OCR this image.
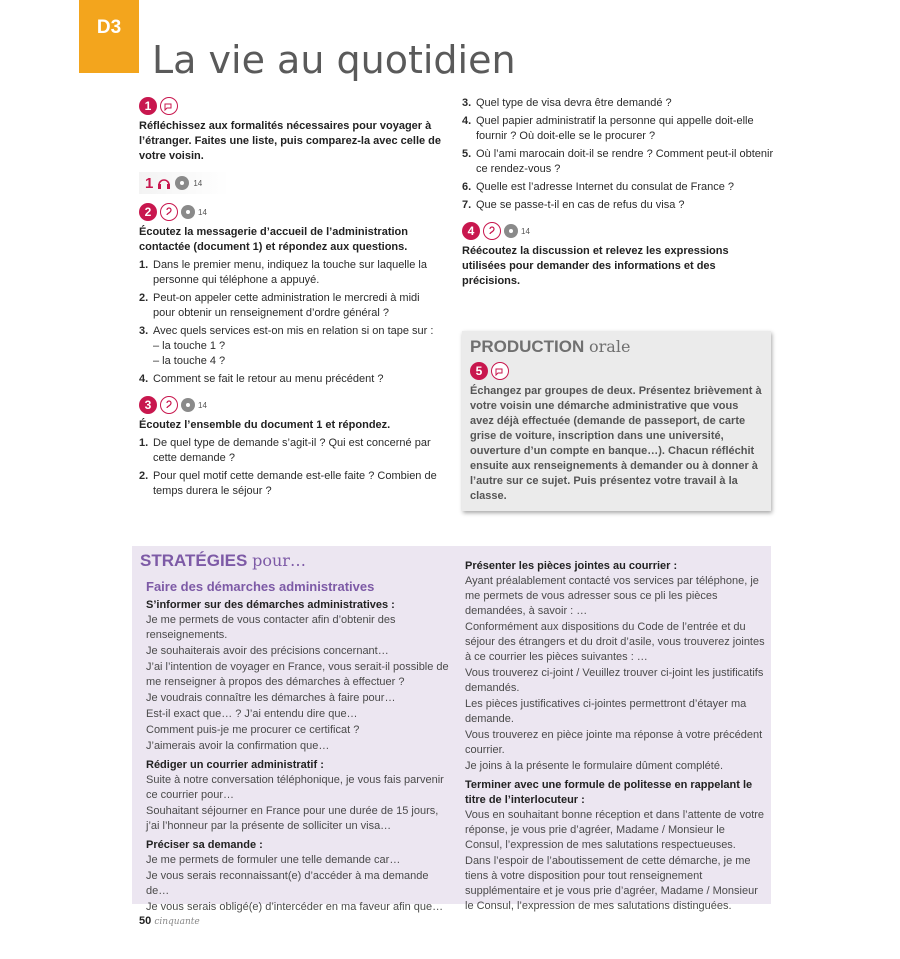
D3
La vie au quotidien
1
Réfléchissez aux formalités nécessaires pour voyager à l’étranger. Faites une liste, puis comparez-la avec celle de votre voisin.
1	14
2	14
Écoutez la messagerie d’accueil de l’administration contactée (document 1) et répondez aux questions.
1. Dans le premier menu, indiquez la touche sur laquelle la personne qui téléphone a appuyé.
2. Peut-on appeler cette administration le mercredi à midi pour obtenir un renseignement d’ordre général ?
3. Avec quels services est-on mis en relation si on tape sur :
– la touche 1 ?
– la touche 4 ?
4. Comment se fait le retour au menu précédent ?
3	14
Écoutez l’ensemble du document 1 et répondez.
1. De quel type de demande s’agit-il ? Qui est concerné par cette demande ?
2. Pour quel motif cette demande est-elle faite ? Combien de temps durera le séjour ?
3. Quel type de visa devra être demandé ?
4. Quel papier administratif la personne qui appelle doit-elle fournir ? Où doit-elle se le procurer ?
5. Où l’ami marocain doit-il se rendre ? Comment peut-il obtenir ce rendez-vous ?
6. Quelle est l’adresse Internet du consulat de France ?
7. Que se passe-t-il en cas de refus du visa ?
4	14
Réécoutez la discussion et relevez les expressions utilisées pour demander des informations et des précisions.
PRODUCTION orale
5
Échangez par groupes de deux. Présentez brièvement à votre voisin une démarche administrative que vous avez déjà effectuée (demande de passeport, de carte grise de voiture, inscription dans une université, ouverture d’un compte en banque…). Chacun réfléchit ensuite aux renseignements à demander ou à donner à l’autre sur ce sujet. Puis présentez votre travail à la classe.
STRATÉGIES pour…
Faire des démarches administratives
S’informer sur des démarches administratives :

Je me permets de vous contacter afin d’obtenir des renseignements.

Je souhaiterais avoir des précisions concernant…

J’ai l’intention de voyager en France, vous serait-il possible de me renseigner à propos des démarches à effectuer ?

Je voudrais connaître les démarches à faire pour…

Est-il exact que… ? J’ai entendu dire que…

Comment puis-je me procurer ce certificat ?

J’aimerais avoir la confirmation que…

Rédiger un courrier administratif :

Suite à notre conversation téléphonique, je vous fais parvenir ce courrier pour…

Souhaitant séjourner en France pour une durée de 15 jours, j’ai l’honneur par la présente de solliciter un visa…

Préciser sa demande :

Je me permets de formuler une telle demande car…

Je vous serais reconnaissant(e) d’accéder à ma demande de…

Je vous serais obligé(e) d’intercéder en ma faveur afin que…

Présenter les pièces jointes au courrier :

Ayant préalablement contacté vos services par téléphone, je me permets de vous adresser sous ce pli les pièces demandées, à savoir : …

Conformément aux dispositions du Code de l’entrée et du séjour des étrangers et du droit d’asile, vous trouverez jointes à ce courrier les pièces suivantes : …

Vous trouverez ci-joint / Veuillez trouver ci-joint les justificatifs demandés.

Les pièces justificatives ci-jointes permettront d’étayer ma demande.

Vous trouverez en pièce jointe ma réponse à votre précédent courrier.

Je joins à la présente le formulaire dûment complété.

Terminer avec une formule de politesse en rappelant le titre de l’interlocuteur :

Vous en souhaitant bonne réception et dans l’attente de votre réponse, je vous prie d’agréer, Madame / Monsieur le Consul, l’expression de mes salutations respectueuses.

Dans l’espoir de l’aboutissement de cette démarche, je me tiens à votre disposition pour tout renseignement supplémentaire et je vous prie d’agréer, Madame / Monsieur le Consul, l’expression de mes salutations distinguées.

50 cinquante
